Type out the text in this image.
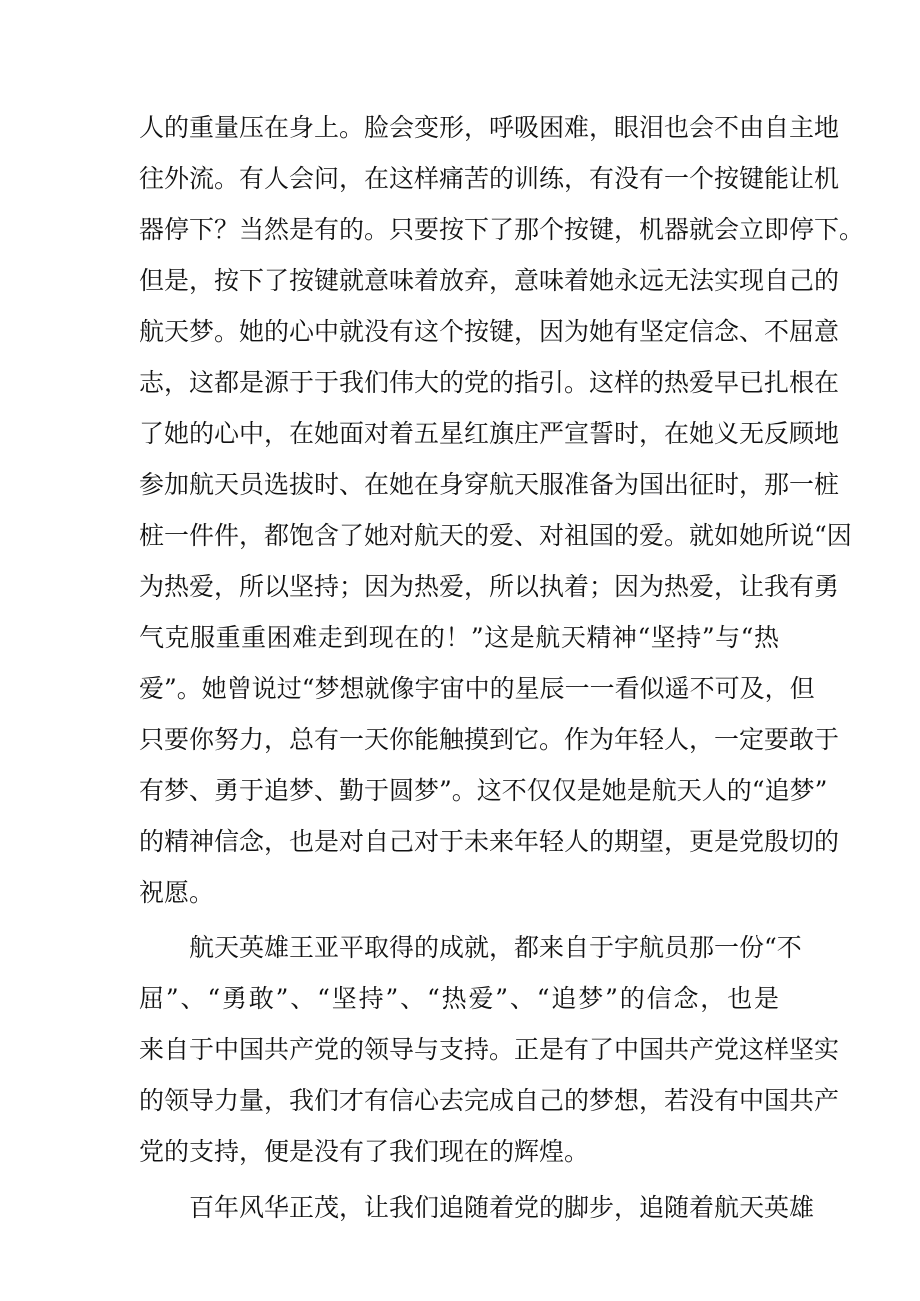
人的重量压在身上。脸会变形，呼吸困难，眼泪也会不由自主地
往外流。有人会问，在这样痛苦的训练，有没有一个按键能让机
器停下？当然是有的。只要按下了那个按键，机器就会立即停下。
但是，按下了按键就意味着放弃，意味着她永远无法实现自己的
航天梦。她的心中就没有这个按键，因为她有坚定信念、不屈意
志，这都是源于于我们伟大的党的指引。这样的热爱早已扎根在
了她的心中，在她面对着五星红旗庄严宣誓时，在她义无反顾地
参加航天员选拔时、在她在身穿航天服准备为国出征时，那一桩
桩一件件，都饱含了她对航天的爱、对祖国的爱。就如她所说“因
为热爱，所以坚持；因为热爱，所以执着；因为热爱，让我有勇
气克服重重困难走到现在的！”这是航天精神“坚持”与“热
爱”。她曾说过“梦想就像宇宙中的星辰一一看似遥不可及，但
只要你努力，总有一天你能触摸到它。作为年轻人，一定要敢于
有梦、勇于追梦、勤于圆梦”。这不仅仅是她是航天人的“追梦”
的精神信念，也是对自己对于未来年轻人的期望，更是党殷切的
祝愿。
航天英雄王亚平取得的成就，都来自于宇航员那一份“不
屈”、“勇敢”、“坚持”、“热爱”、“追梦”的信念，也是
来自于中国共产党的领导与支持。正是有了中国共产党这样坚实
的领导力量，我们才有信心去完成自己的梦想，若没有中国共产
党的支持，便是没有了我们现在的辉煌。
百年风华正茂，让我们追随着党的脚步，追随着航天英雄
